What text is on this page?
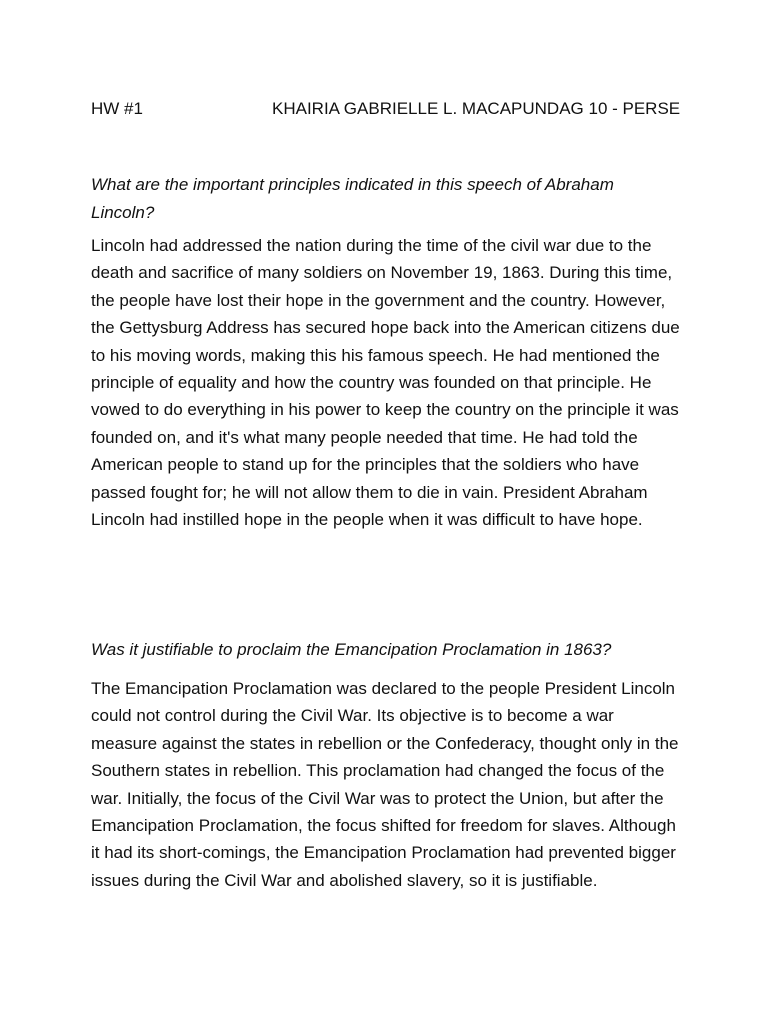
HW #1	KHAIRIA GABRIELLE L. MACAPUNDAG 10 - PERSE

What are the important principles indicated in this speech of Abraham Lincoln?

Lincoln had addressed the nation during the time of the civil war due to the death and sacrifice of many soldiers on November 19, 1863. During this time, the people have lost their hope in the government and the country. However, the Gettysburg Address has secured hope back into the American citizens due to his moving words, making this his famous speech. He had mentioned the principle of equality and how the country was founded on that principle. He vowed to do everything in his power to keep the country on the principle it was founded on, and it's what many people needed that time. He had told the American people to stand up for the principles that the soldiers who have passed fought for; he will not allow them to die in vain. President Abraham Lincoln had instilled hope in the people when it was difficult to have hope.

Was it justifiable to proclaim the Emancipation Proclamation in 1863?

The Emancipation Proclamation was declared to the people President Lincoln could not control during the Civil War. Its objective is to become a war measure against the states in rebellion or the Confederacy, thought only in the Southern states in rebellion. This proclamation had changed the focus of the war. Initially, the focus of the Civil War was to protect the Union, but after the Emancipation Proclamation, the focus shifted for freedom for slaves. Although it had its short-comings, the Emancipation Proclamation had prevented bigger issues during the Civil War and abolished slavery, so it is justifiable.
